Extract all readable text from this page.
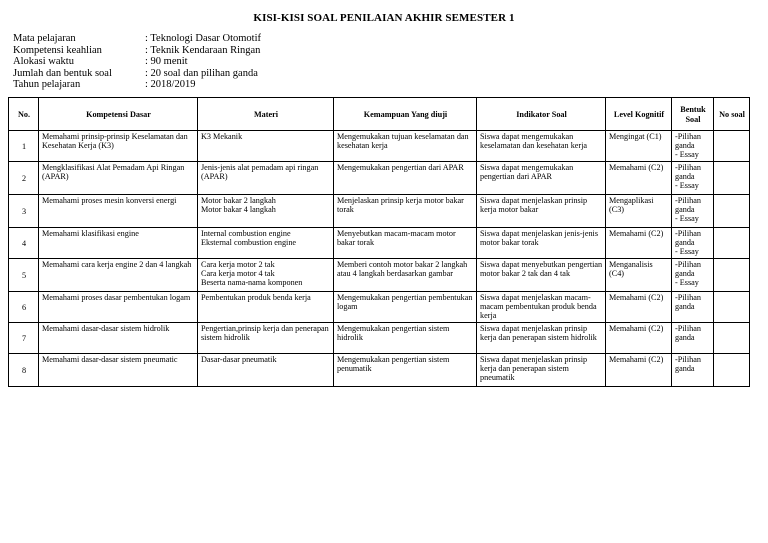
KISI-KISI SOAL PENILAIAN AKHIR SEMESTER 1
Mata pelajaran	: Teknologi Dasar Otomotif
Kompetensi keahlian	: Teknik Kendaraan Ringan
Alokasi waktu	: 90 menit
Jumlah dan bentuk soal	: 20 soal dan pilihan ganda
Tahun pelajaran	: 2018/2019
No.	Kompetensi Dasar	Materi	Kemampuan Yang diuji	Indikator Soal	Level Kognitif	Bentuk Soal	No soal
1	Memahami prinsip-prinsip Keselamatan dan Kesehatan Kerja (K3)	K3 Mekanik	Mengemukakan tujuan keselamatan dan kesehatan kerja	Siswa dapat mengemukakan keselamatan dan kesehatan kerja	Mengingat (C1)	-Pilihan ganda
- Essay	

2	Mengklasifikasi Alat Pemadam Api Ringan (APAR)	Jenis-jenis alat pemadam api ringan (APAR)	Mengemukakan pengertian dari APAR	Siswa dapat mengemukakan pengertian dari APAR	Memahami (C2)	-Pilihan ganda
- Essay	

3	Memahami proses mesin konversi energi	Motor bakar 2 langkah
Motor bakar 4 langkah	Menjelaskan prinsip kerja motor bakar torak	Siswa dapat menjelaskan prinsip kerja motor bakar	Mengaplikasi (C3)	-Pilihan ganda
- Essay	

4	Memahami klasifikasi engine	Internal combustion engine
Eksternal combustion engine	Menyebutkan macam-macam motor bakar torak	Siswa dapat menjelaskan jenis-jenis motor bakar torak	Memahami (C2)	-Pilihan ganda
- Essay	

5	Memahami cara kerja engine 2 dan 4 langkah	Cara kerja motor 2 tak
Cara kerja motor 4 tak
Beserta nama-nama komponen	Memberi contoh motor bakar 2 langkah atau 4 langkah berdasarkan gambar	Siswa dapat menyebutkan pengertian motor bakar 2 tak dan 4 tak	Menganalisis (C4)	-Pilihan ganda
- Essay	

6	Memahami proses dasar pembentukan logam	Pembentukan produk benda kerja	Mengemukakan pengertian pembentukan logam	Siswa dapat menjelaskan macam-macam pembentukan produk benda kerja	Memahami (C2)	-Pilihan ganda	

7	Memahami dasar-dasar sistem hidrolik	Pengertian,prinsip kerja dan penerapan sistem hidrolik	Mengemukakan pengertian sistem hidrolik	Siswa dapat menjelaskan prinsip kerja dan penerapan sistem hidrolik	Memahami (C2)	-Pilihan ganda	

8	Memahami dasar-dasar sistem pneumatic	Dasar-dasar pneumatik	Mengemukakan pengertian sistem penumatik	Siswa dapat menjelaskan prinsip kerja dan penerapan sistem pneumatik	Memahami (C2)	-Pilihan ganda	
